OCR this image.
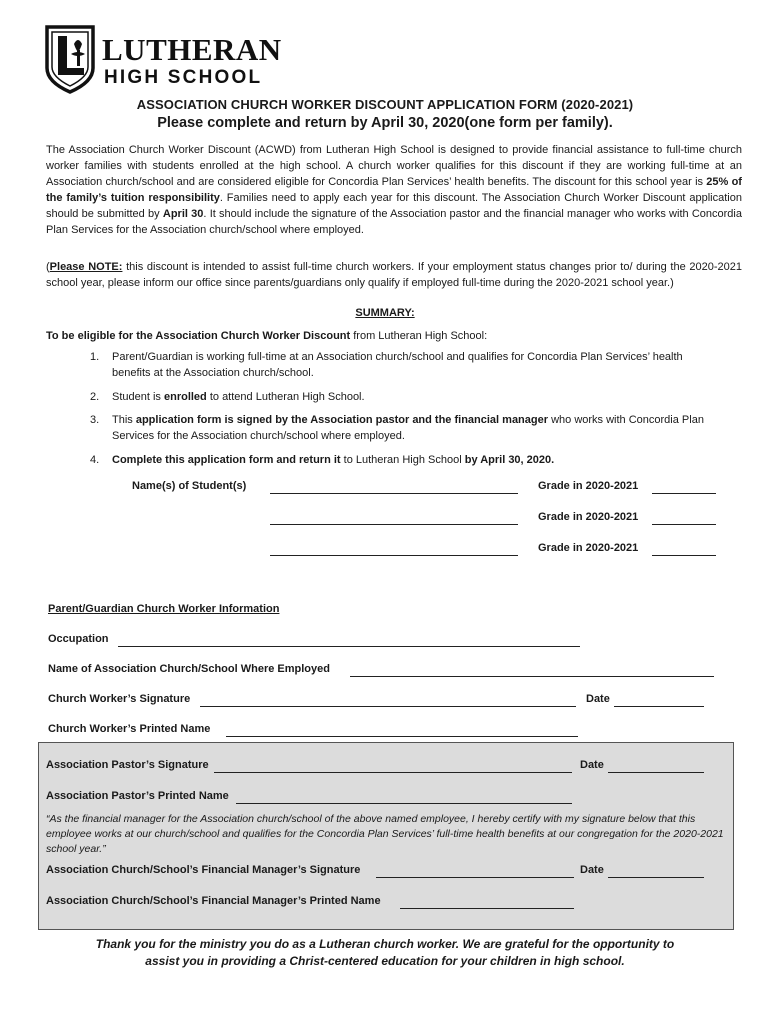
LUTHERAN
HIGH SCHOOL
ASSOCIATION CHURCH WORKER DISCOUNT APPLICATION FORM (2020-2021)
Please complete and return by April 30, 2020(one form per family).

The Association Church Worker Discount (ACWD) from Lutheran High School is designed to provide financial assistance to full-time church worker families with students enrolled at the high school. A church worker qualifies for this discount if they are working full-time at an Association church/school and are considered eligible for Concordia Plan Services’ health benefits. The discount for this school year is 25% of the family’s tuition responsibility. Families need to apply each year for this discount. The Association Church Worker Discount application should be submitted by April 30. It should include the signature of the Association pastor and the financial manager who works with Concordia Plan Services for the Association church/school where employed.

(Please NOTE: this discount is intended to assist full-time church workers. If your employment status changes prior to/ during the 2020-2021 school year, please inform our office since parents/guardians only qualify if employed full-time during the 2020-2021 school year.)

SUMMARY:
To be eligible for the Association Church Worker Discount from Lutheran High School:
1. Parent/Guardian is working full-time at an Association church/school and qualifies for Concordia Plan Services’ health benefits at the Association church/school.
2. Student is enrolled to attend Lutheran High School.
3. This application form is signed by the Association pastor and the financial manager who works with Concordia Plan Services for the Association church/school where employed.
4. Complete this application form and return it to Lutheran High School by April 30, 2020.
Name(s) of Student(s)	Grade in 2020-2021
Grade in 2020-2021
Grade in 2020-2021
Parent/Guardian Church Worker Information
Occupation
Name of Association Church/School Where Employed
Church Worker’s Signature	Date
Church Worker’s Printed Name
Association Pastor’s Signature	Date
Association Pastor’s Printed Name
“As the financial manager for the Association church/school of the above named employee, I hereby certify with my signature below that this employee works at our church/school and qualifies for the Concordia Plan Services’ full-time health benefits at our congregation for the 2020-2021 school year.”
Association Church/School’s Financial Manager’s Signature	Date
Association Church/School’s Financial Manager’s Printed Name
Thank you for the ministry you do as a Lutheran church worker. We are grateful for the opportunity to
assist you in providing a Christ-centered education for your children in high school.
